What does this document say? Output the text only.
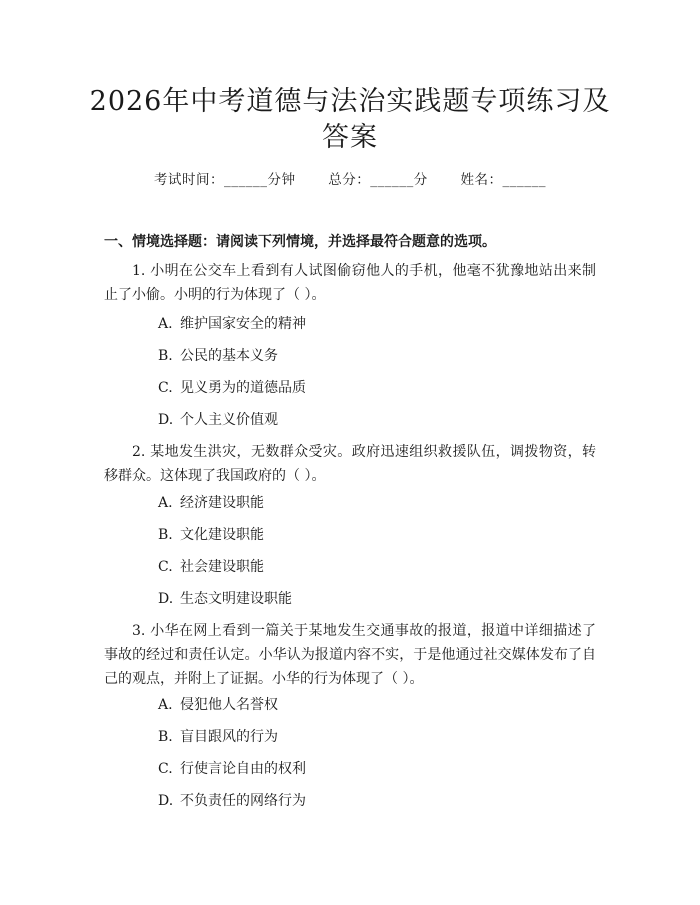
2026年中考道德与法治实践题专项练习及答案
考试时间：______分钟 总分：______分 姓名：______

一、情境选择题：请阅读下列情境，并选择最符合题意的选项。

1. 小明在公交车上看到有人试图偷窃他人的手机，他毫不犹豫地站出来制止了小偷。小明的行为体现了（ ）。

A. 维护国家安全的精神

B. 公民的基本义务

C. 见义勇为的道德品质

D. 个人主义价值观

2. 某地发生洪灾，无数群众受灾。政府迅速组织救援队伍，调拨物资，转移群众。这体现了我国政府的（ ）。

A. 经济建设职能

B. 文化建设职能

C. 社会建设职能

D. 生态文明建设职能

3. 小华在网上看到一篇关于某地发生交通事故的报道，报道中详细描述了事故的经过和责任认定。小华认为报道内容不实，于是他通过社交媒体发布了自己的观点，并附上了证据。小华的行为体现了（ ）。

A. 侵犯他人名誉权

B. 盲目跟风的行为

C. 行使言论自由的权利

D. 不负责任的网络行为
